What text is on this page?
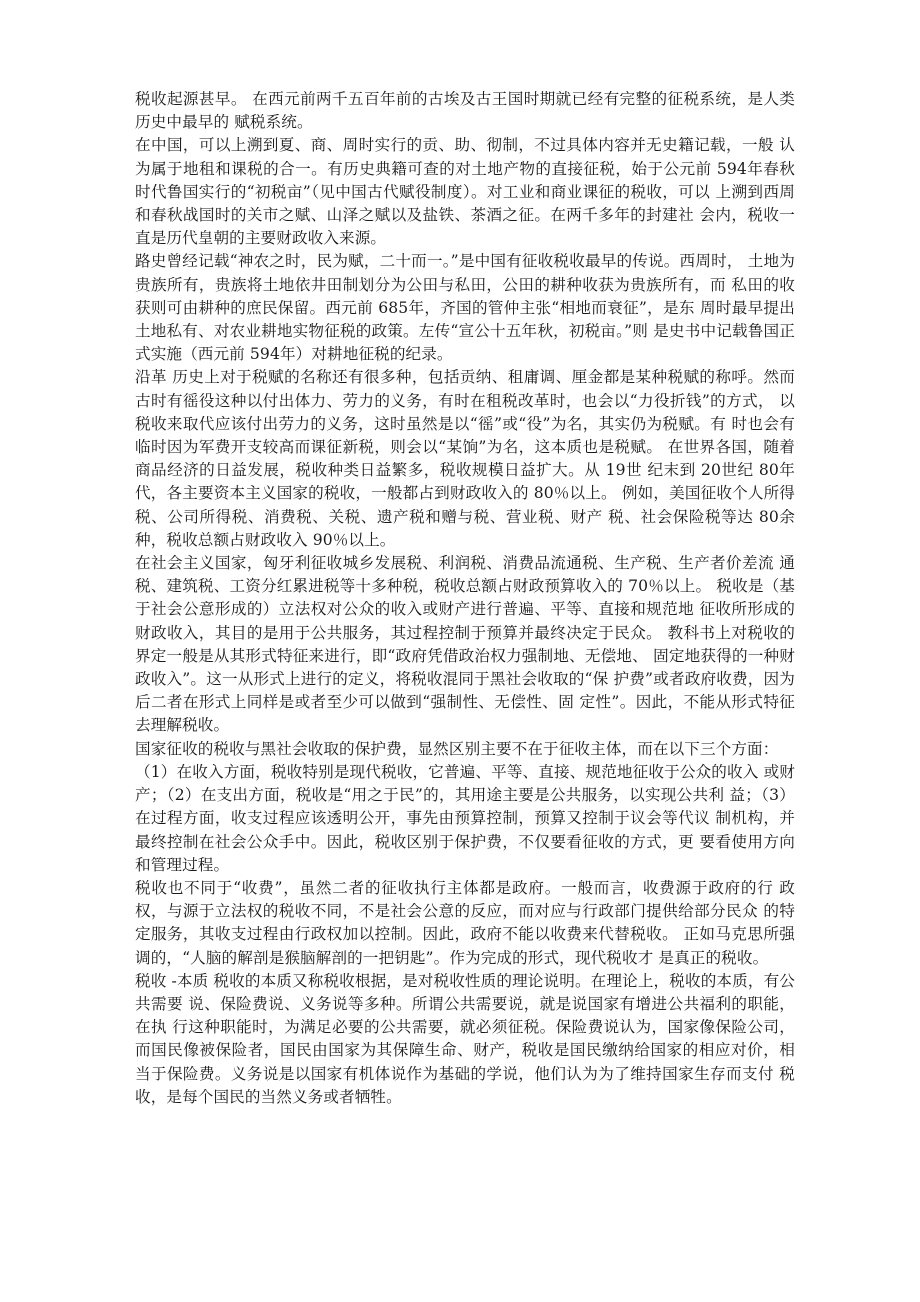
税收起源甚早。 在西元前两千五百年前的古埃及古王国时期就已经有完整的征税系统，是人类历史中最早的 赋税系统。

在中国，可以上溯到夏、商、周时实行的贡、助、彻制，不过具体内容并无史籍记载，一般 认为属于地租和课税的合一。有历史典籍可查的对土地产物的直接征税，始于公元前 594年春秋时代鲁国实行的“初税亩”（见中国古代赋役制度）。对工业和商业课征的税收，可以 上溯到西周和春秋战国时的关市之赋、山泽之赋以及盐铁、茶酒之征。在两千多年的封建社 会内，税收一直是历代皇朝的主要财政收入来源。

路史曾经记载“神农之时，民为赋，二十而一。”是中国有征收税收最早的传说。西周时， 土地为贵族所有，贵族将土地依井田制划分为公田与私田，公田的耕种收获为贵族所有，而 私田的收获则可由耕种的庶民保留。西元前 685年，齐国的管仲主张“相地而衰征”，是东 周时最早提出土地私有、对农业耕地实物征税的政策。左传“宣公十五年秋，初税亩。”则 是史书中记载鲁国正式实施（西元前 594年）对耕地征税的纪录。

沿革 历史上对于税赋的名称还有很多种，包括贡纳、租庸调、厘金都是某种税赋的称呼。然而古时有徭役这种以付出体力、劳力的义务，有时在租税改革时，也会以“力役折钱”的方式， 以税收来取代应该付出劳力的义务，这时虽然是以“徭”或“役”为名，其实仍为税赋。有 时也会有临时因为军费开支较高而课征新税，则会以“某饷”为名，这本质也是税赋。 在世界各国，随着商品经济的日益发展，税收种类日益繁多，税收规模日益扩大。从 19世 纪末到 20世纪 80年代，各主要资本主义国家的税收，一般都占到财政收入的 80％以上。 例如，美国征收个人所得税、公司所得税、消费税、关税、遗产税和赠与税、营业税、财产 税、社会保险税等达 80余种，税收总额占财政收入 90％以上。

在社会主义国家，匈牙利征收城乡发展税、利润税、消费品流通税、生产税、生产者价差流 通税、建筑税、工资分红累进税等十多种税，税收总额占财政预算收入的 70％以上。 税收是（基于社会公意形成的）立法权对公众的收入或财产进行普遍、平等、直接和规范地 征收所形成的财政收入，其目的是用于公共服务，其过程控制于预算并最终决定于民众。 教科书上对税收的界定一般是从其形式特征来进行，即“政府凭借政治权力强制地、无偿地、 固定地获得的一种财政收入”。这一从形式上进行的定义，将税收混同于黑社会收取的“保 护费”或者政府收费，因为后二者在形式上同样是或者至少可以做到“强制性、无偿性、固 定性”。因此，不能从形式特征去理解税收。

国家征收的税收与黑社会收取的保护费，显然区别主要不在于征收主体，而在以下三个方面：

（1）在收入方面，税收特别是现代税收，它普遍、平等、直接、规范地征收于公众的收入 或财产；（2）在支出方面，税收是“用之于民”的，其用途主要是公共服务，以实现公共利 益；（3）在过程方面，收支过程应该透明公开，事先由预算控制，预算又控制于议会等代议 制机构，并最终控制在社会公众手中。因此，税收区别于保护费，不仅要看征收的方式，更 要看使用方向和管理过程。

税收也不同于“收费”，虽然二者的征收执行主体都是政府。一般而言，收费源于政府的行 政权，与源于立法权的税收不同，不是社会公意的反应，而对应与行政部门提供给部分民众 的特定服务，其收支过程由行政权加以控制。因此，政府不能以收费来代替税收。 正如马克思所强调的，“人脑的解剖是猴脑解剖的一把钥匙”。作为完成的形式，现代税收才 是真正的税收。

税收 -本质 税收的本质又称税收根据，是对税收性质的理论说明。在理论上，税收的本质，有公共需要 说、保险费说、义务说等多种。所谓公共需要说，就是说国家有增进公共福利的职能，在执 行这种职能时，为满足必要的公共需要，就必须征税。保险费说认为，国家像保险公司，而国民像被保险者，国民由国家为其保障生命、财产，税收是国民缴纳给国家的相应对价，相 当于保险费。义务说是以国家有机体说作为基础的学说，他们认为为了维持国家生存而支付 税收，是每个国民的当然义务或者牺牲。
